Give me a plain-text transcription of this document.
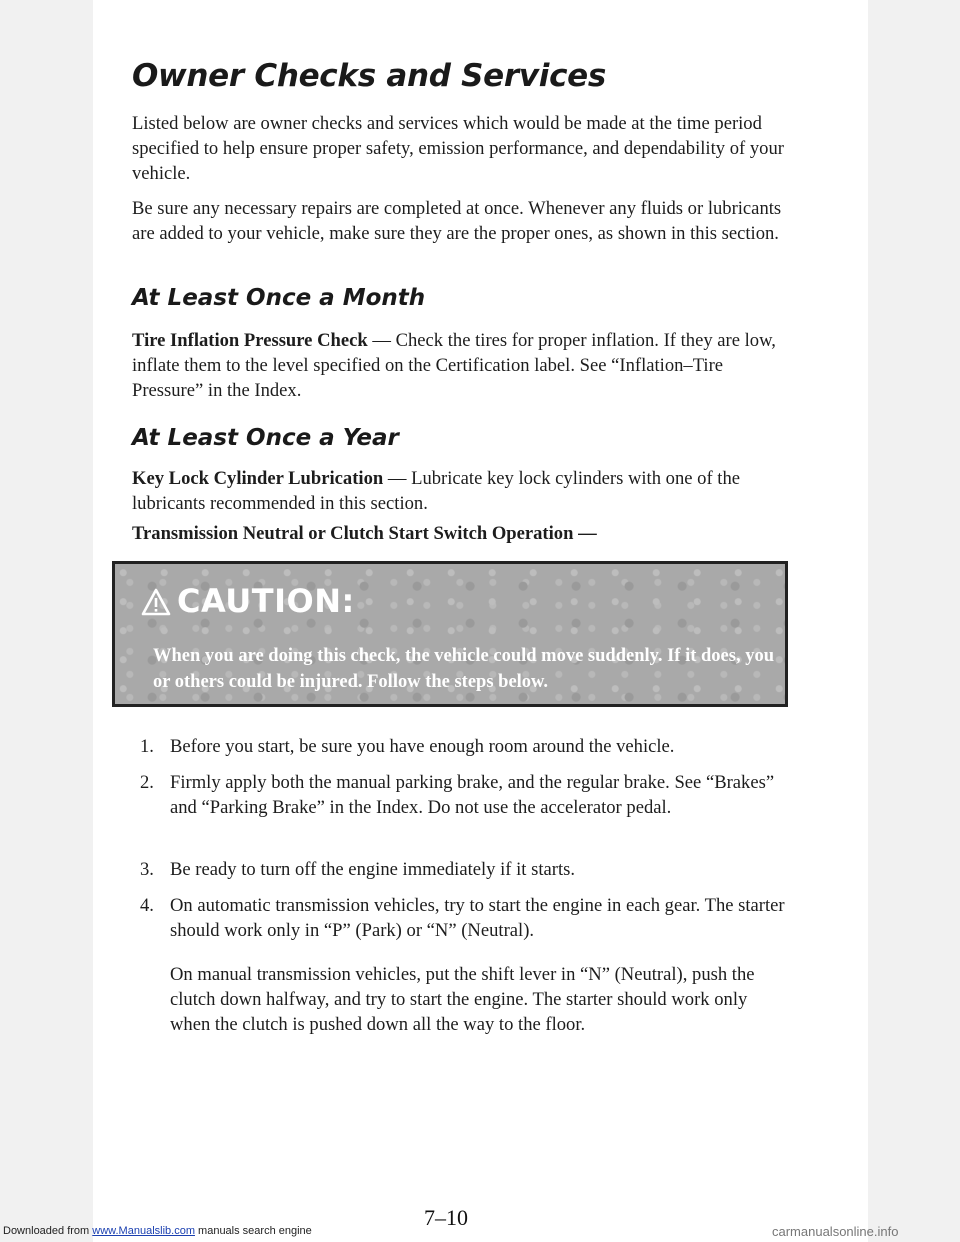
Owner Checks and Services

Listed below are owner checks and services which would be made at the time period specified to help ensure proper safety, emission performance, and dependability of your vehicle.

Be sure any necessary repairs are completed at once. Whenever any fluids or lubricants are added to your vehicle, make sure they are the proper ones, as shown in this section.

At Least Once a Month

Tire Inflation Pressure Check — Check the tires for proper inflation. If they are low, inflate them to the level specified on the Certification label. See “Inflation–Tire Pressure” in the Index.

At Least Once a Year

Key Lock Cylinder Lubrication — Lubricate key lock cylinders with one of the lubricants recommended in this section.

Transmission Neutral or Clutch Start Switch Operation —

CAUTION:

When you are doing this check, the vehicle could move suddenly. If it does, you or others could be injured. Follow the steps below.

1. Before you start, be sure you have enough room around the vehicle.
2. Firmly apply both the manual parking brake, and the regular brake. See “Brakes” and “Parking Brake” in the Index. Do not use the accelerator pedal.
3. Be ready to turn off the engine immediately if it starts.
4. On automatic transmission vehicles, try to start the engine in each gear. The starter should work only in “P” (Park) or “N” (Neutral).

On manual transmission vehicles, put the shift lever in “N” (Neutral), push the clutch down halfway, and try to start the engine. The starter should work only when the clutch is pushed down all the way to the floor.

7–10
Downloaded from www.Manualslib.com manuals search engine	carmanualsonline.info
